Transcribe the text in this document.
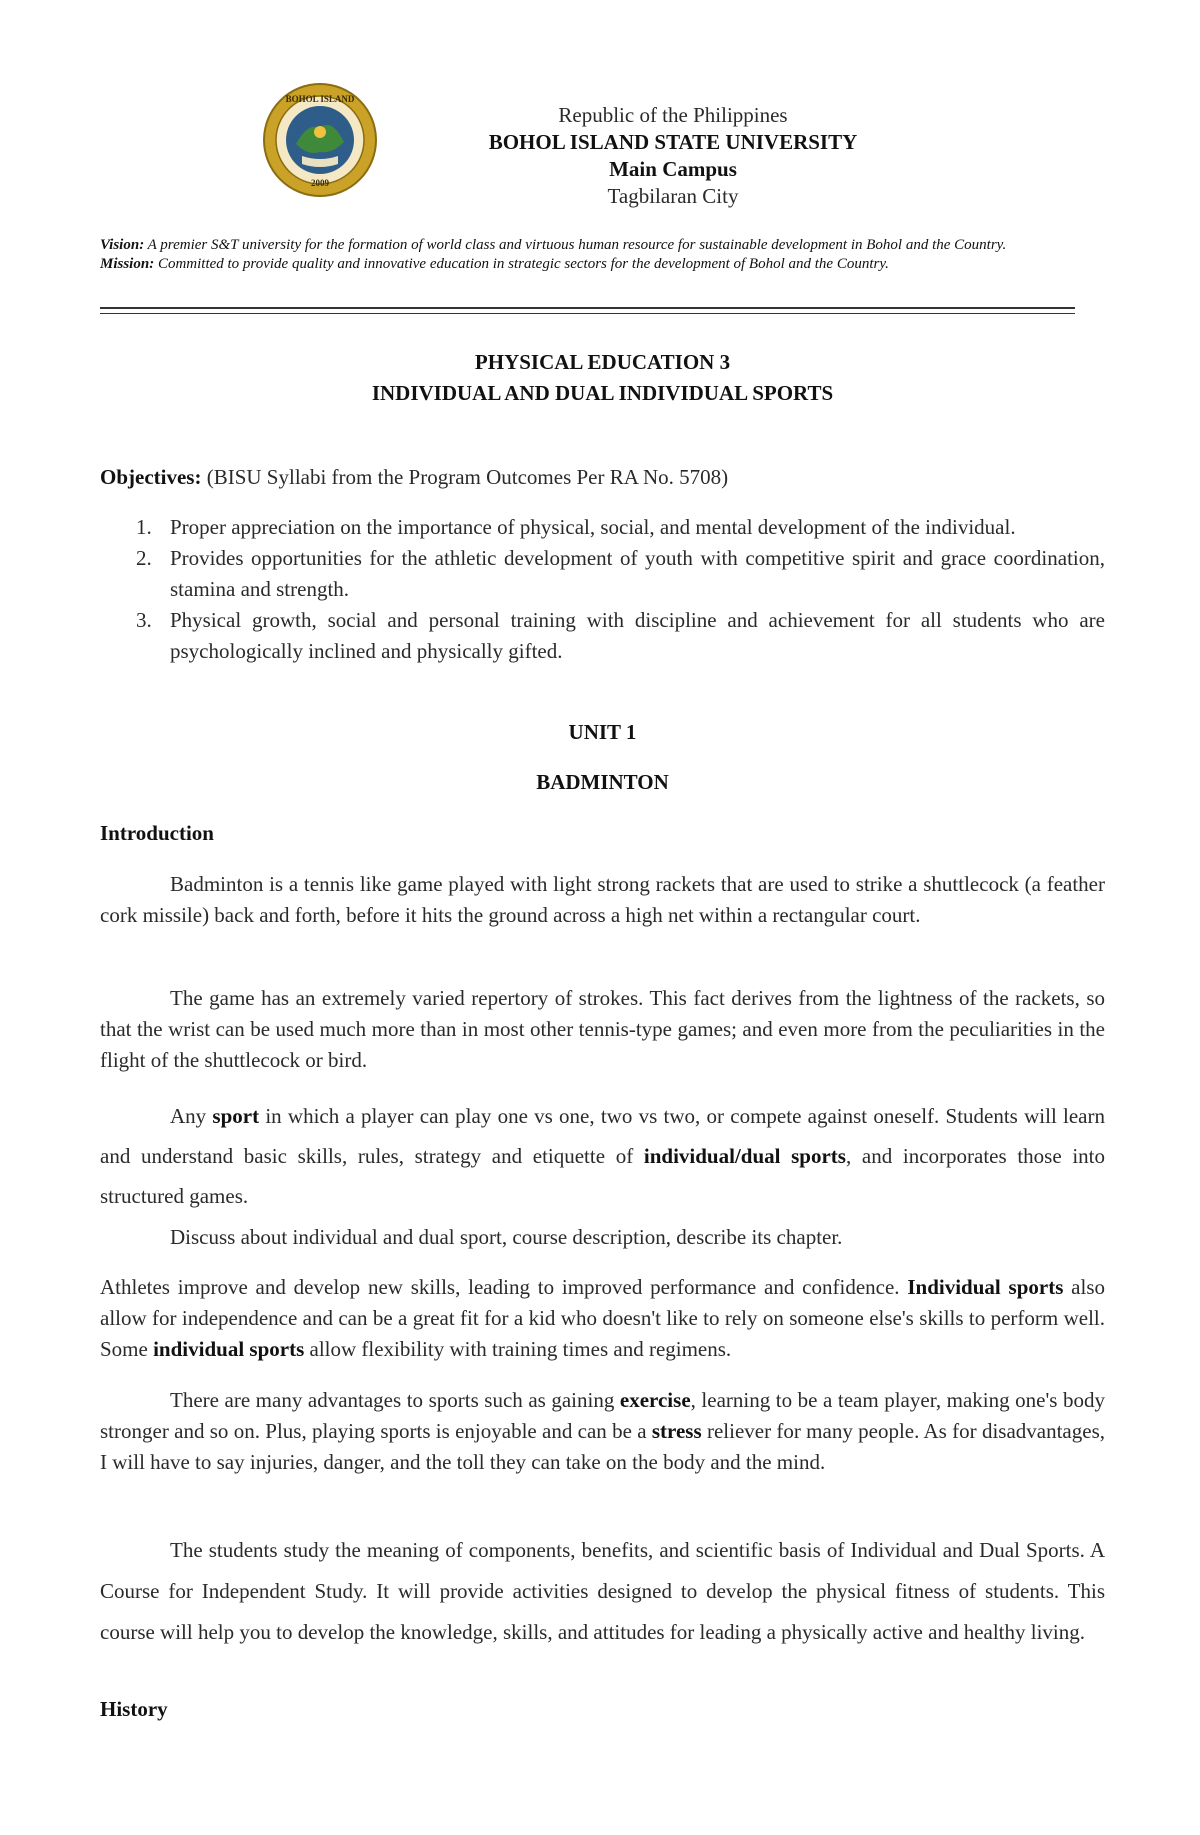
BOHOL ISLAND
2009
Republic of the Philippines
BOHOL ISLAND STATE UNIVERSITY
Main Campus
Tagbilaran City
Vision: A premier S&T university for the formation of world class and virtuous human resource for sustainable development in Bohol and the Country.
Mission: Committed to provide quality and innovative education in strategic sectors for the development of Bohol and the Country.
PHYSICAL EDUCATION 3
INDIVIDUAL AND DUAL INDIVIDUAL SPORTS
Objectives: (BISU Syllabi from the Program Outcomes Per RA No. 5708)
1. Proper appreciation on the importance of physical, social, and mental development of the individual.
2. Provides opportunities for the athletic development of youth with competitive spirit and grace coordination, stamina and strength.
3. Physical growth, social and personal training with discipline and achievement for all students who are psychologically inclined and physically gifted.
UNIT 1
BADMINTON
Introduction
Badminton is a tennis like game played with light strong rackets that are used to strike a shuttlecock (a feather cork missile) back and forth, before it hits the ground across a high net within a rectangular court.
The game has an extremely varied repertory of strokes. This fact derives from the lightness of the rackets, so that the wrist can be used much more than in most other tennis-type games; and even more from the peculiarities in the flight of the shuttlecock or bird.
Any sport in which a player can play one vs one, two vs two, or compete against oneself. Students will learn and understand basic skills, rules, strategy and etiquette of individual/dual sports, and incorporates those into structured games.
Discuss about individual and dual sport, course description, describe its chapter.
Athletes improve and develop new skills, leading to improved performance and confidence. Individual sports also allow for independence and can be a great fit for a kid who doesn't like to rely on someone else's skills to perform well. Some individual sports allow flexibility with training times and regimens.
There are many advantages to sports such as gaining exercise, learning to be a team player, making one's body stronger and so on. Plus, playing sports is enjoyable and can be a stress reliever for many people. As for disadvantages, I will have to say injuries, danger, and the toll they can take on the body and the mind.
The students study the meaning of components, benefits, and scientific basis of Individual and Dual Sports. A Course for Independent Study. It will provide activities designed to develop the physical fitness of students. This course will help you to develop the knowledge, skills, and attitudes for leading a physically active and healthy living.
History
